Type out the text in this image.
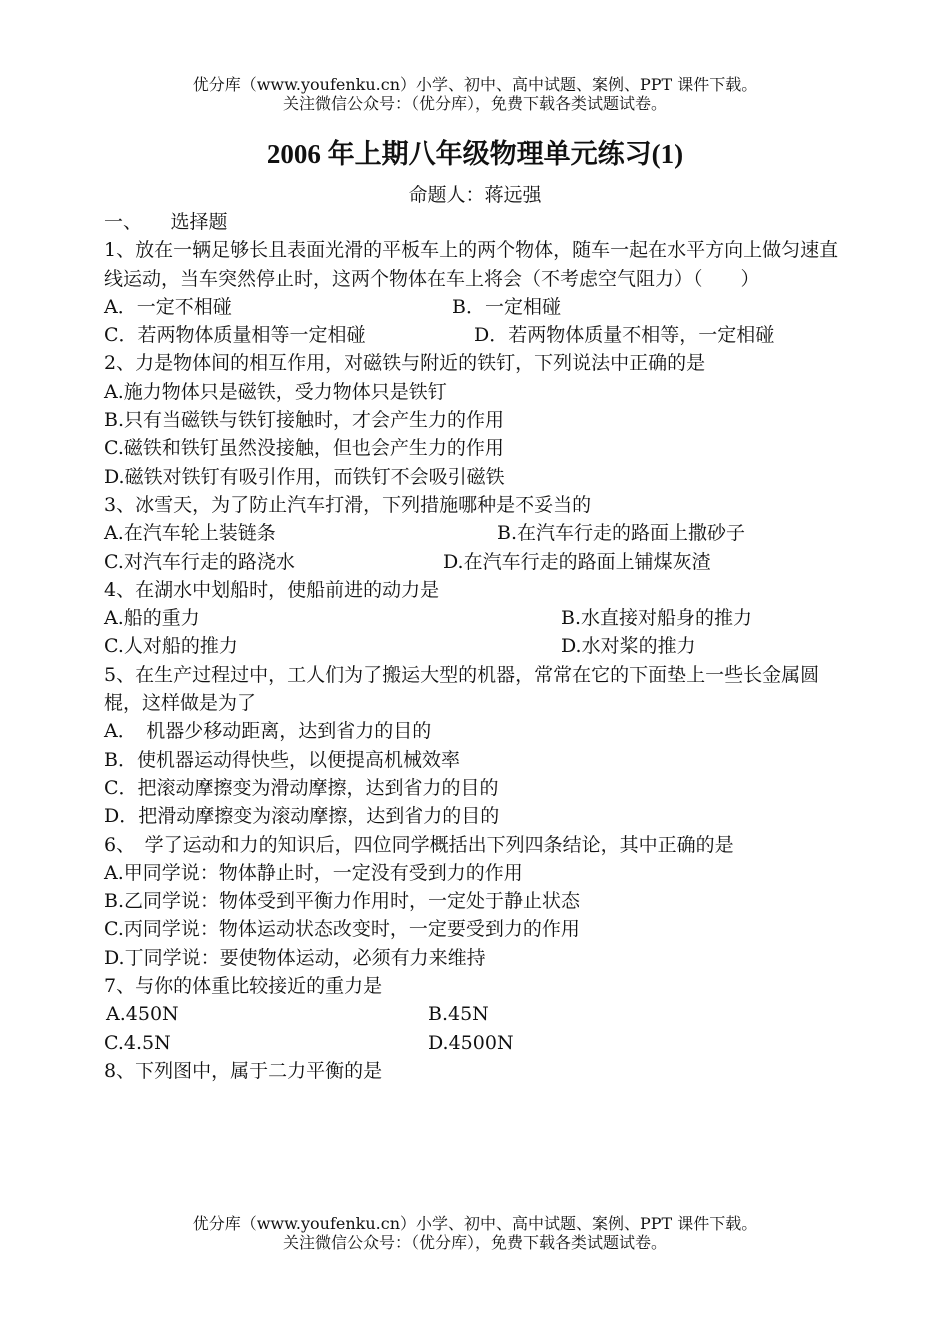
优分库（www.youfenku.cn）小学、初中、高中试题、案例、PPT 课件下载。
关注微信公众号：（优分库），免费下载各类试题试卷。
2006 年上期八年级物理单元练习(1)
命题人：蒋远强
一、　　选择题
1、放在一辆足够长且表面光滑的平板车上的两个物体，随车一起在水平方向上做匀速直线运动，当车突然停止时，这两个物体在车上将会（不考虑空气阻力）（　　）
A．一定不相碰	B．一定相碰
C．若两物体质量相等一定相碰	D．若两物体质量不相等，一定相碰
2、力是物体间的相互作用，对磁铁与附近的铁钉，下列说法中正确的是
A.施力物体只是磁铁，受力物体只是铁钉
B.只有当磁铁与铁钉接触时，才会产生力的作用
C.磁铁和铁钉虽然没接触，但也会产生力的作用
D.磁铁对铁钉有吸引作用，而铁钉不会吸引磁铁
3、冰雪天，为了防止汽车打滑，下列措施哪种是不妥当的
A.在汽车轮上装链条	B.在汽车行走的路面上撒砂子
C.对汽车行走的路浇水	D.在汽车行走的路面上铺煤灰渣
4、在湖水中划船时，使船前进的动力是
A.船的重力	B.水直接对船身的推力
C.人对船的推力	D.水对桨的推力
5、在生产过程过中，工人们为了搬运大型的机器，常常在它的下面垫上一些长金属圆棍，这样做是为了
A．　机器少移动距离，达到省力的目的
B．使机器运动得快些，以便提高机械效率
C．把滚动摩擦变为滑动摩擦，达到省力的目的
D．把滑动摩擦变为滚动摩擦，达到省力的目的
6、　学了运动和力的知识后，四位同学概括出下列四条结论，其中正确的是
A.甲同学说：物体静止时，一定没有受到力的作用
B.乙同学说：物体受到平衡力作用时，一定处于静止状态
C.丙同学说：物体运动状态改变时，一定要受到力的作用
D.丁同学说：要使物体运动，必须有力来维持
7、与你的体重比较接近的重力是
A.450N	B.45N
C.4.5N	D.4500N
8、下列图中，属于二力平衡的是
优分库（www.youfenku.cn）小学、初中、高中试题、案例、PPT 课件下载。
关注微信公众号：（优分库），免费下载各类试题试卷。
